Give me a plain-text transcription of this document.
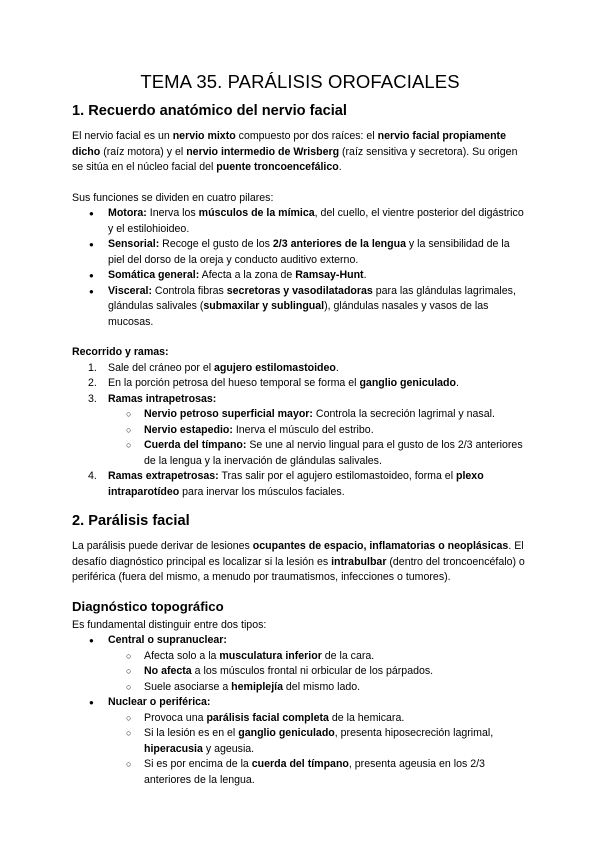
TEMA 35. PARÁLISIS OROFACIALES
1. Recuerdo anatómico del nervio facial

El nervio facial es un nervio mixto compuesto por dos raíces: el nervio facial propiamente dicho (raíz motora) y el nervio intermedio de Wrisberg (raíz sensitiva y secretora). Su origen se sitúa en el núcleo facial del puente troncoencefálico.

Sus funciones se dividen en cuatro pilares:

● Motora: Inerva los músculos de la mímica, del cuello, el vientre posterior del digástrico y el estilohioideo.
● Sensorial: Recoge el gusto de los 2/3 anteriores de la lengua y la sensibilidad de la piel del dorso de la oreja y conducto auditivo externo.
● Somática general: Afecta a la zona de Ramsay-Hunt.
● Visceral: Controla fibras secretoras y vasodilatadoras para las glándulas lagrimales, glándulas salivales (submaxilar y sublingual), glándulas nasales y vasos de las mucosas.

Recorrido y ramas:

1. Sale del cráneo por el agujero estilomastoideo.
2. En la porción petrosa del hueso temporal se forma el ganglio geniculado.
3. Ramas intrapetrosas:
○ Nervio petroso superficial mayor: Controla la secreción lagrimal y nasal.
○ Nervio estapedio: Inerva el músculo del estribo.
○ Cuerda del tímpano: Se une al nervio lingual para el gusto de los 2/3 anteriores de la lengua y la inervación de glándulas salivales.
4. Ramas extrapetrosas: Tras salir por el agujero estilomastoideo, forma el plexo intraparotídeo para inervar los músculos faciales.
2. Parálisis facial

La parálisis puede derivar de lesiones ocupantes de espacio, inflamatorias o neoplásicas. El desafío diagnóstico principal es localizar si la lesión es intrabulbar (dentro del troncoencéfalo) o periférica (fuera del mismo, a menudo por traumatismos, infecciones o tumores).

Diagnóstico topográfico

Es fundamental distinguir entre dos tipos:

● Central o supranuclear:
○ Afecta solo a la musculatura inferior de la cara.
○ No afecta a los músculos frontal ni orbicular de los párpados.
○ Suele asociarse a hemiplejía del mismo lado.
● Nuclear o periférica:
○ Provoca una parálisis facial completa de la hemicara.
○ Si la lesión es en el ganglio geniculado, presenta hiposecreción lagrimal, hiperacusia y ageusia.
○ Si es por encima de la cuerda del tímpano, presenta ageusia en los 2/3 anteriores de la lengua.
